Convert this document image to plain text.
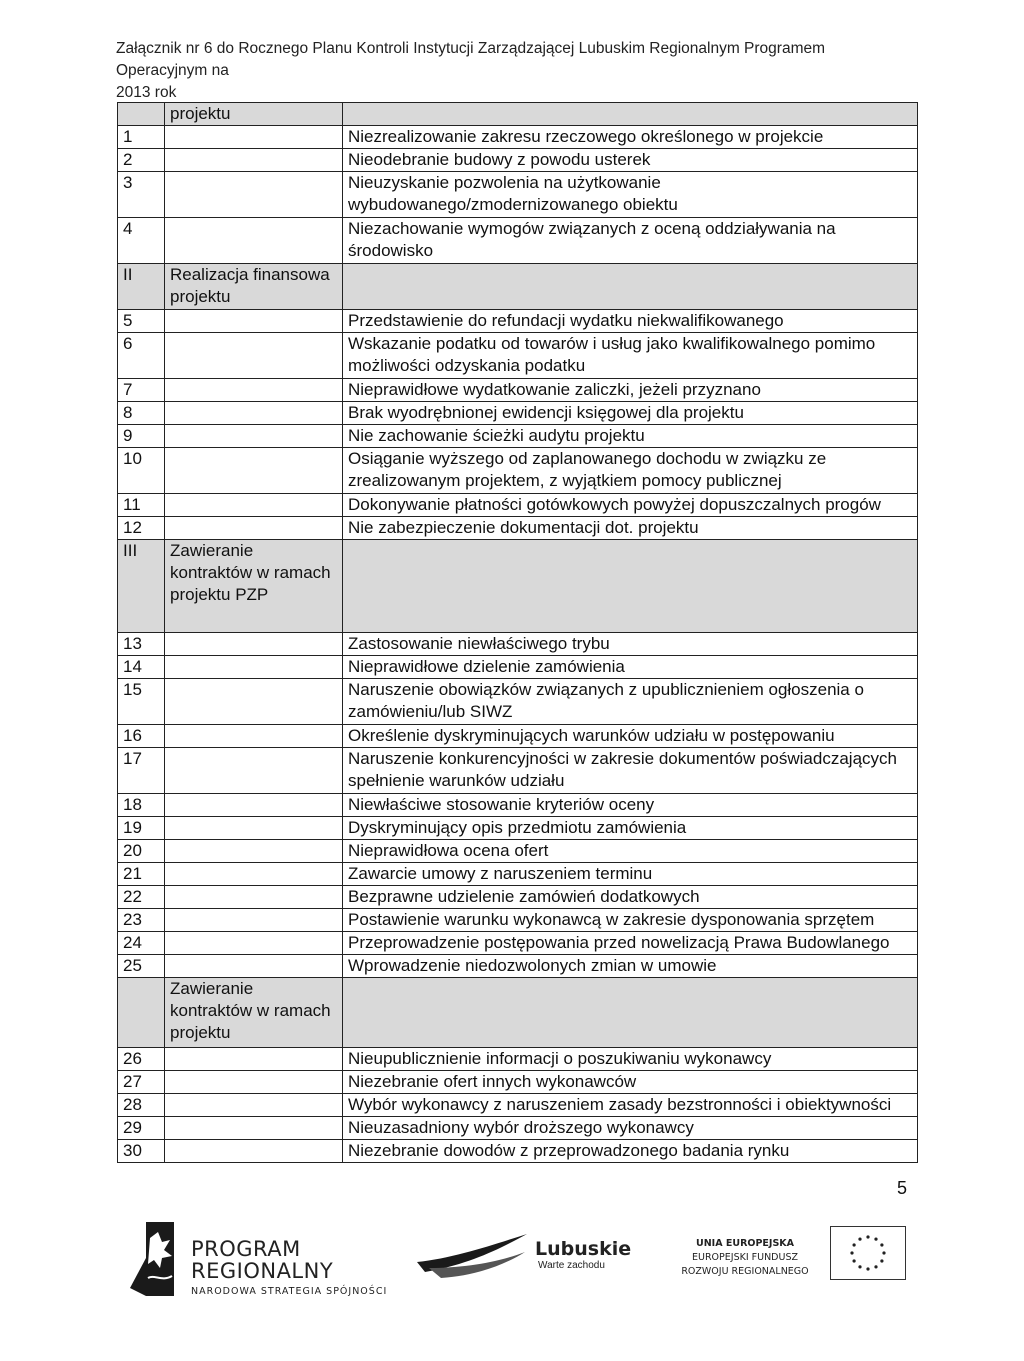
Załącznik nr 6 do Rocznego Planu Kontroli Instytucji Zarządzającej Lubuskim Regionalnym Programem Operacyjnym na
2013 rok
	projektu	
1		Niezrealizowanie zakresu rzeczowego określonego w projekcie
2		Nieodebranie budowy z powodu usterek
3		Nieuzyskanie pozwolenia na użytkowanie wybudowanego/zmodernizowanego obiektu
4		Niezachowanie wymogów związanych z oceną oddziaływania na środowisko
II	Realizacja finansowa projektu	
5		Przedstawienie do refundacji wydatku niekwalifikowanego
6		Wskazanie podatku od towarów i usług jako kwalifikowalnego pomimo możliwości odzyskania podatku
7		Nieprawidłowe wydatkowanie zaliczki, jeżeli przyznano
8		Brak wyodrębnionej ewidencji księgowej dla projektu
9		Nie zachowanie ścieżki audytu projektu
10		Osiąganie wyższego od zaplanowanego dochodu w związku ze zrealizowanym projektem, z wyjątkiem pomocy publicznej
11		Dokonywanie płatności gotówkowych powyżej dopuszczalnych progów
12		Nie zabezpieczenie dokumentacji dot. projektu
III	Zawieranie kontraktów w ramach projektu PZP	
13		Zastosowanie niewłaściwego trybu
14		Nieprawidłowe dzielenie zamówienia
15		Naruszenie obowiązków związanych z upublicznieniem ogłoszenia o zamówieniu/lub SIWZ
16		Określenie dyskryminujących warunków udziału w postępowaniu
17		Naruszenie konkurencyjności w zakresie dokumentów poświadczających spełnienie warunków udziału
18		Niewłaściwe stosowanie kryteriów oceny
19		Dyskryminujący opis przedmiotu zamówienia
20		Nieprawidłowa ocena ofert
21		Zawarcie umowy z naruszeniem terminu
22		Bezprawne udzielenie zamówień dodatkowych
23		Postawienie warunku wykonawcą w zakresie dysponowania sprzętem
24		Przeprowadzenie postępowania przed nowelizacją Prawa Budowlanego
25		Wprowadzenie niedozwolonych zmian w umowie
	Zawieranie kontraktów w ramach projektu	
26		Nieupublicznienie informacji o poszukiwaniu wykonawcy
27		Niezebranie ofert innych wykonawców
28		Wybór wykonawcy z naruszeniem zasady bezstronności i obiektywności
29		Nieuzasadniony wybór droższego wykonawcy
30		Niezebranie dowodów z przeprowadzonego badania rynku
5
PROGRAM
REGIONALNY
NARODOWA STRATEGIA SPÓJNOŚCI
Lubuskie
Warte zachodu
UNIA EUROPEJSKA
EUROPEJSKI FUNDUSZ
ROZWOJU REGIONALNEGO
